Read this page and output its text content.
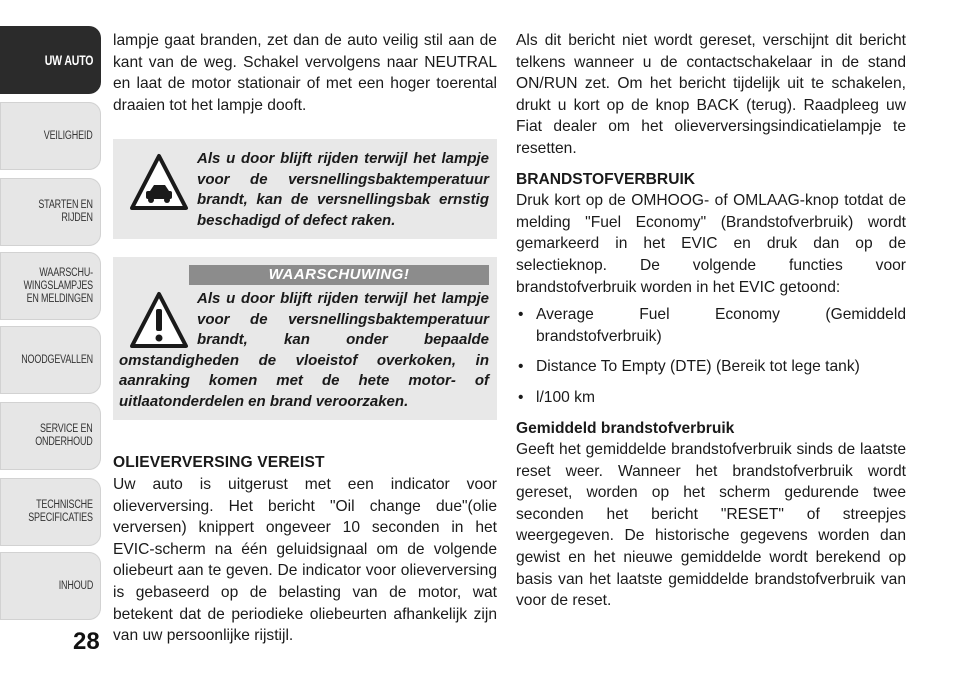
UW AUTO
VEILIGHEID
STARTEN EN
RIJDEN
WAARSCHU-
WINGSLAMPJES
EN MELDINGEN
NOODGEVALLEN
SERVICE EN
ONDERHOUD
TECHNISCHE
SPECIFICATIES
INHOUD
28

lampje gaat branden, zet dan de auto veilig stil aan de kant van de weg. Schakel vervolgens naar NEUTRAL en laat de motor stationair of met een hoger toerental draaien tot het lampje dooft.

Als u door blijft rijden terwijl het lampje voor de versnellingsbaktemperatuur brandt, kan de versnellingsbak ernstig beschadigd of defect raken.
WAARSCHUWING!
Als u door blijft rijden terwijl het lampje voor de versnellingsbaktemperatuur brandt, kan onder bepaalde omstandigheden de vloeistof overkoken, in aanraking komen met de hete motor- of uitlaatonderdelen en brand veroorzaken.
OLIEVERVERSING VEREIST

Uw auto is uitgerust met een indicator voor olieverversing. Het bericht "Oil change due"(olie verversen) knippert ongeveer 10 seconden in het EVIC-scherm na één geluidsignaal om de volgende oliebeurt aan te geven. De indicator voor olieverversing is gebaseerd op de belasting van de motor, wat betekent dat de periodieke oliebeurten afhankelijk zijn van uw persoonlijke rijstijl.

Als dit bericht niet wordt gereset, verschijnt dit bericht telkens wanneer u de contactschakelaar in de stand ON/RUN zet. Om het bericht tijdelijk uit te schakelen, drukt u kort op de knop BACK (terug). Raadpleeg uw Fiat dealer om het olieverversingsindicatielampje te resetten.

BRANDSTOFVERBRUIK

Druk kort op de OMHOOG- of OMLAAG-knop totdat de melding "Fuel Economy" (Brandstofverbruik) wordt gemarkeerd in het EVIC en druk dan op de selectieknop. De volgende functies voor brandstofverbruik worden in het EVIC getoond:

• Average Fuel Economy (Gemiddeld brandstofverbruik)
• Distance To Empty (DTE) (Bereik tot lege tank)
• l/100 km
Gemiddeld brandstofverbruik

Geeft het gemiddelde brandstofverbruik sinds de laatste reset weer. Wanneer het brandstofverbruik wordt gereset, worden op het scherm gedurende twee seconden het bericht "RESET" of streepjes weergegeven. De historische gegevens worden dan gewist en het nieuwe gemiddelde wordt berekend op basis van het laatste gemiddelde brandstofverbruik van voor de reset.
